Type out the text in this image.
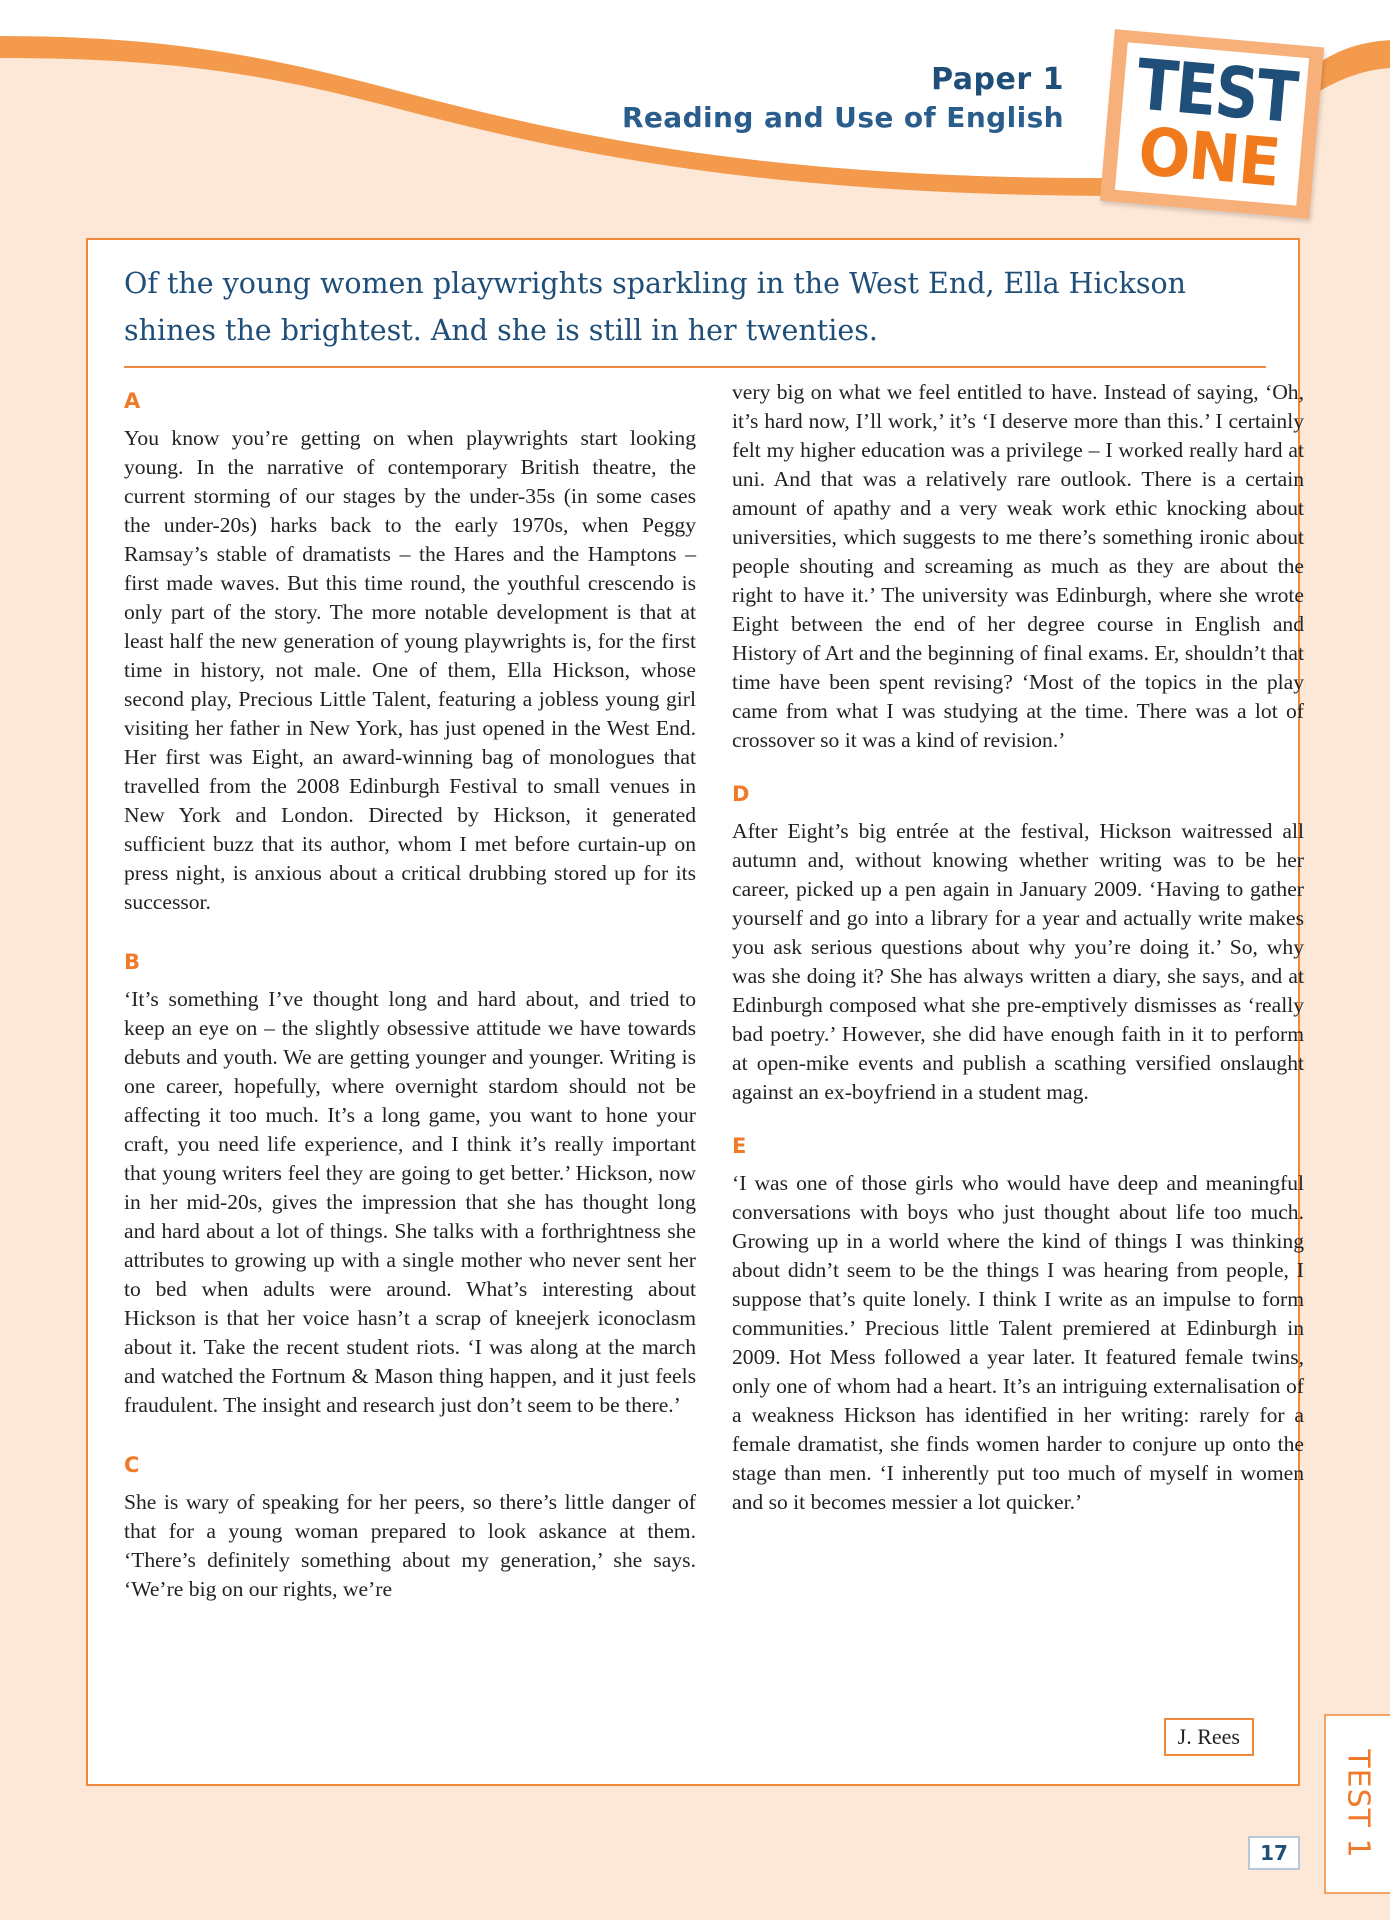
Paper 1
Reading and Use of English TEST
ONE
Of the young women playwrights sparkling in the West End, Ella Hickson shines the brightest. And she is still in her twenties.
A

You know you’re getting on when playwrights start looking young. In the narrative of contemporary British theatre, the current storming of our stages by the under-35s (in some cases the under-20s) harks back to the early 1970s, when Peggy Ramsay’s stable of dramatists – the Hares and the Hamptons – first made waves. But this time round, the youthful crescendo is only part of the story. The more notable development is that at least half the new generation of young playwrights is, for the first time in history, not male. One of them, Ella Hickson, whose second play, Precious Little Talent, featuring a jobless young girl visiting her father in New York, has just opened in the West End. Her first was Eight, an award-winning bag of monologues that travelled from the 2008 Edinburgh Festival to small venues in New York and London. Directed by Hickson, it generated sufficient buzz that its author, whom I met before curtain-up on press night, is anxious about a critical drubbing stored up for its successor.

B

‘It’s something I’ve thought long and hard about, and tried to keep an eye on – the slightly obsessive attitude we have towards debuts and youth. We are getting younger and younger. Writing is one career, hopefully, where overnight stardom should not be affecting it too much. It’s a long game, you want to hone your craft, you need life experience, and I think it’s really important that young writers feel they are going to get better.’ Hickson, now in her mid-20s, gives the impression that she has thought long and hard about a lot of things. She talks with a forthrightness she attributes to growing up with a single mother who never sent her to bed when adults were around. What’s interesting about Hickson is that her voice hasn’t a scrap of kneejerk iconoclasm about it. Take the recent student riots. ‘I was along at the march and watched the Fortnum & Mason thing happen, and it just feels fraudulent. The insight and research just don’t seem to be there.’

C

She is wary of speaking for her peers, so there’s little danger of that for a young woman prepared to look askance at them. ‘There’s definitely something about my generation,’ she says. ‘We’re big on our rights, we’re

very big on what we feel entitled to have. Instead of saying, ‘Oh, it’s hard now, I’ll work,’ it’s ‘I deserve more than this.’ I certainly felt my higher education was a privilege – I worked really hard at uni. And that was a relatively rare outlook. There is a certain amount of apathy and a very weak work ethic knocking about universities, which suggests to me there’s something ironic about people shouting and screaming as much as they are about the right to have it.’ The university was Edinburgh, where she wrote Eight between the end of her degree course in English and History of Art and the beginning of final exams. Er, shouldn’t that time have been spent revising? ‘Most of the topics in the play came from what I was studying at the time. There was a lot of crossover so it was a kind of revision.’

D

After Eight’s big entrée at the festival, Hickson waitressed all autumn and, without knowing whether writing was to be her career, picked up a pen again in January 2009. ‘Having to gather yourself and go into a library for a year and actually write makes you ask serious questions about why you’re doing it.’ So, why was she doing it? She has always written a diary, she says, and at Edinburgh composed what she pre-emptively dismisses as ‘really bad poetry.’ However, she did have enough faith in it to perform at open-mike events and publish a scathing versified onslaught against an ex-boyfriend in a student mag.

E

‘I was one of those girls who would have deep and meaningful conversations with boys who just thought about life too much. Growing up in a world where the kind of things I was thinking about didn’t seem to be the things I was hearing from people, I suppose that’s quite lonely. I think I write as an impulse to form communities.’ Precious little Talent premiered at Edinburgh in 2009. Hot Mess followed a year later. It featured female twins, only one of whom had a heart. It’s an intriguing externalisation of a weakness Hickson has identified in her writing: rarely for a female dramatist, she finds women harder to conjure up onto the stage than men. ‘I inherently put too much of myself in women and so it becomes messier a lot quicker.’

J. Rees
TEST 1
17
